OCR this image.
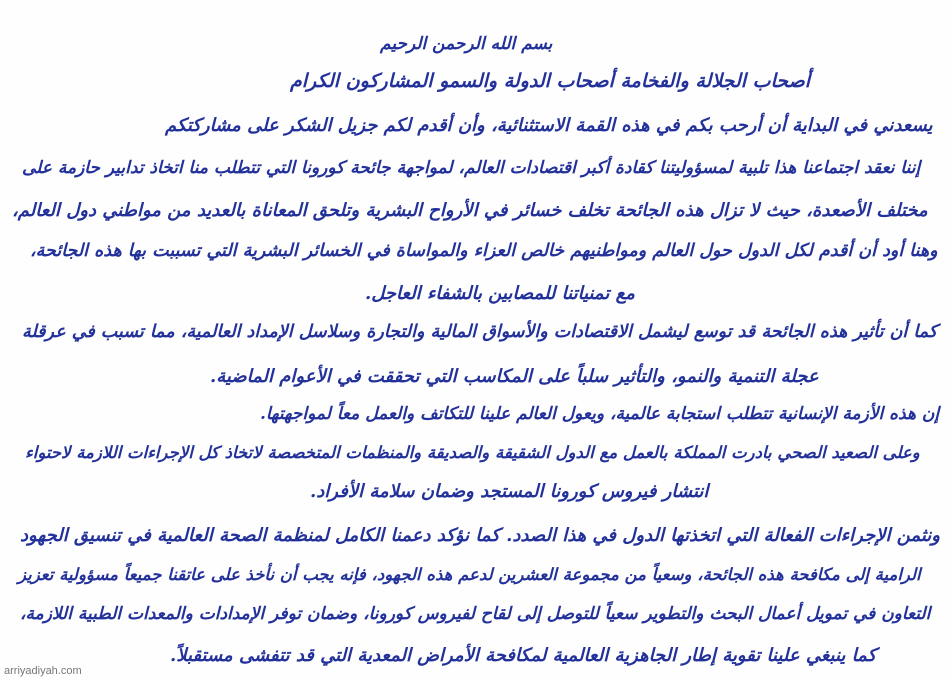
بسم الله الرحمن الرحيم
أصحاب الجلالة والفخامة أصحاب الدولة والسمو المشاركون الكرام
يسعدني في البداية أن أرحب بكم في هذه القمة الاستثنائية، وأن أقدم لكم جزيل الشكر على مشاركتكم
إننا نعقد اجتماعنا هذا تلبية لمسؤوليتنا كقادة أكبر اقتصادات العالم، لمواجهة جائحة كورونا التي تتطلب منا اتخاذ تدابير حازمة على
مختلف الأصعدة، حيث لا تزال هذه الجائحة تخلف خسائر في الأرواح البشرية وتلحق المعاناة بالعديد من مواطني دول العالم،
وهنا أود أن أقدم لكل الدول حول العالم ومواطنيهم خالص العزاء والمواساة في الخسائر البشرية التي تسببت بها هذه الجائحة،
مع تمنياتنا للمصابين بالشفاء العاجل.
كما أن تأثير هذه الجائحة قد توسع ليشمل الاقتصادات والأسواق المالية والتجارة وسلاسل الإمداد العالمية، مما تسبب في عرقلة
عجلة التنمية والنمو، والتأثير سلباً على المكاسب التي تحققت في الأعوام الماضية.
إن هذه الأزمة الإنسانية تتطلب استجابة عالمية، ويعول العالم علينا للتكاتف والعمل معاً لمواجهتها.
وعلى الصعيد الصحي بادرت المملكة بالعمل مع الدول الشقيقة والصديقة والمنظمات المتخصصة لاتخاذ كل الإجراءات اللازمة لاحتواء
انتشار فيروس كورونا المستجد وضمان سلامة الأفراد.
ونثمن الإجراءات الفعالة التي اتخذتها الدول في هذا الصدد. كما نؤكد دعمنا الكامل لمنظمة الصحة العالمية في تنسيق الجهود
الرامية إلى مكافحة هذه الجائحة، وسعياً من مجموعة العشرين لدعم هذه الجهود، فإنه يجب أن نأخذ على عاتقنا جميعاً مسؤولية تعزيز
التعاون في تمويل أعمال البحث والتطوير سعياً للتوصل إلى لقاح لفيروس كورونا، وضمان توفر الإمدادات والمعدات الطبية اللازمة،
كما ينبغي علينا تقوية إطار الجاهزية العالمية لمكافحة الأمراض المعدية التي قد تتفشى مستقبلاً.
arriyadiyah.com
